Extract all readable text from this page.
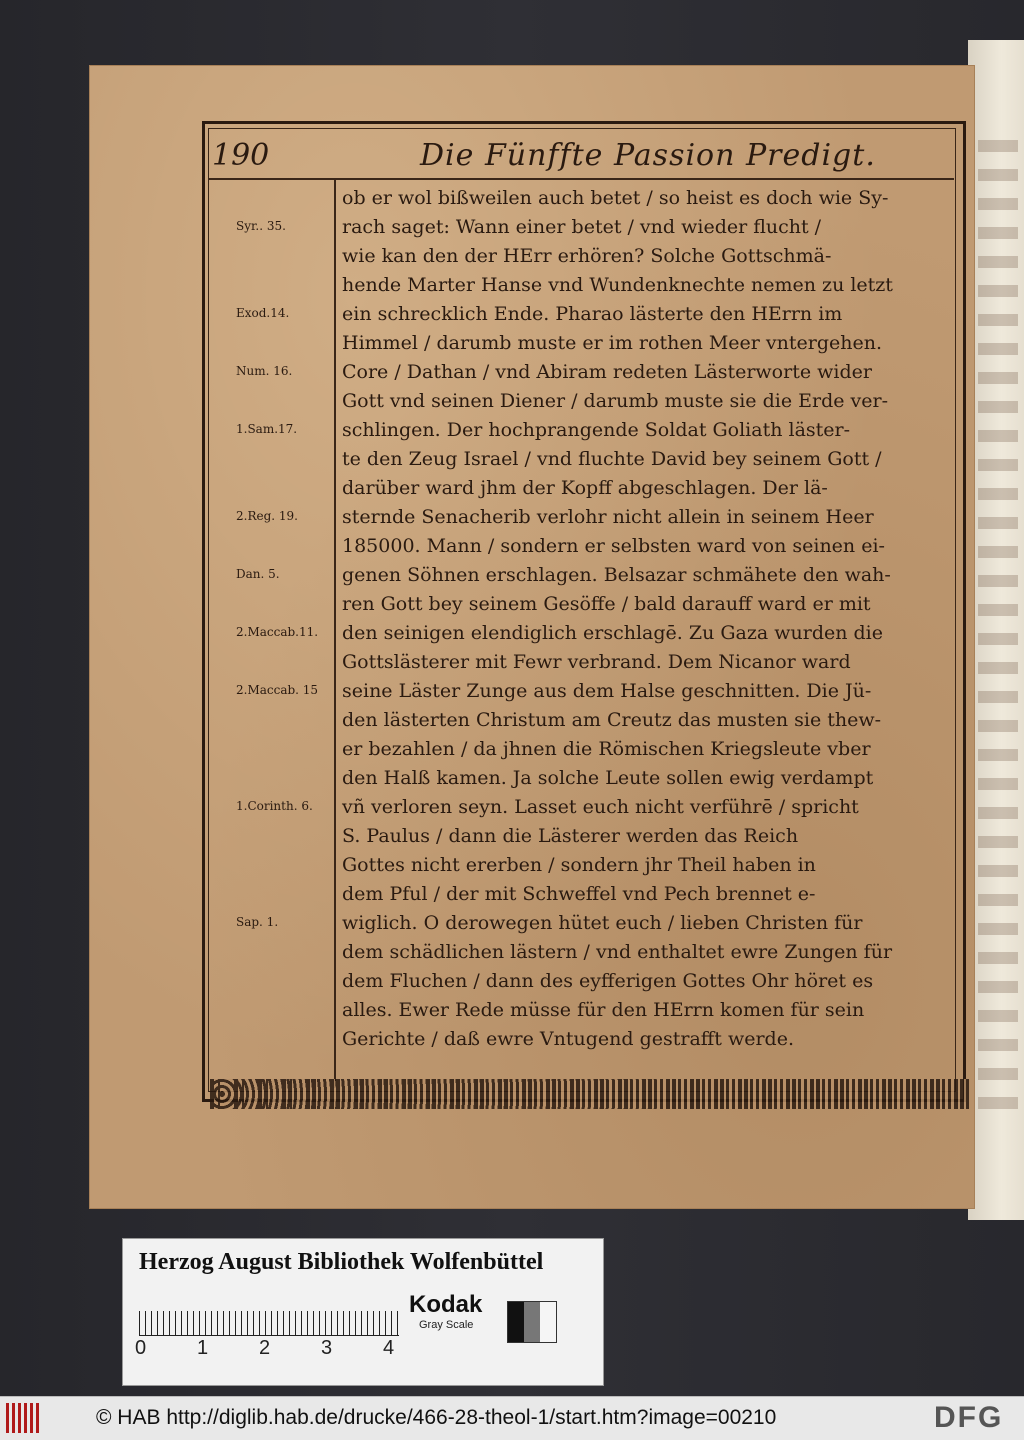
190	Die Fünffte Passion Predigt.
ob er wol bißweilen auch betet / so heist es doch wie Sy-
rach saget: Wann einer betet / vnd wieder flucht /
wie kan den der HErr erhören? Solche Gottschmä-
hende Marter Hanse vnd Wundenknechte nemen zu letzt
ein schrecklich Ende. Pharao lästerte den HErrn im
Himmel / darumb muste er im rothen Meer vntergehen.
Core / Dathan / vnd Abiram redeten Lästerworte wider
Gott vnd seinen Diener / darumb muste sie die Erde ver-
schlingen. Der hochprangende Soldat Goliath läster-
te den Zeug Israel / vnd fluchte David bey seinem Gott /
darüber ward jhm der Kopff abgeschlagen. Der lä-
sternde Senacherib verlohr nicht allein in seinem Heer
185000. Mann / sondern er selbsten ward von seinen ei-
genen Söhnen erschlagen. Belsazar schmähete den wah-
ren Gott bey seinem Gesöffe / bald darauff ward er mit
den seinigen elendiglich erschlagē. Zu Gaza wurden die
Gottslästerer mit Fewr verbrand. Dem Nicanor ward
seine Läster Zunge aus dem Halse geschnitten. Die Jü-
den lästerten Christum am Creutz das musten sie thew-
er bezahlen / da jhnen die Römischen Kriegsleute vber
den Halß kamen. Ja solche Leute sollen ewig verdampt
vñ verloren seyn. Lasset euch nicht verführē / spricht
S. Paulus / dann die Lästerer werden das Reich
Gottes nicht ererben / sondern jhr Theil haben in
dem Pful / der mit Schweffel vnd Pech brennet e-
wiglich. O derowegen hütet euch / lieben Christen für
dem schädlichen lästern / vnd enthaltet ewre Zungen für
dem Fluchen / dann des eyfferigen Gottes Ohr höret es
alles. Ewer Rede müsse für den HErrn komen für sein
Gerichte / daß ewre Vntugend gestrafft werde.
Syr.. 35.
Exod.14.
Num. 16.
1.Sam.17.
2.Reg. 19.
Dan. 5.
2.Maccab.11.
2.Maccab. 15
1.Corinth. 6.
Sap. 1.
Herzog August Bibliothek Wolfenbüttel
0	1	2	3	4
Kodak
Gray Scale
© HAB http://diglib.hab.de/drucke/466-28-theol-1/start.htm?image=00210	DFG
